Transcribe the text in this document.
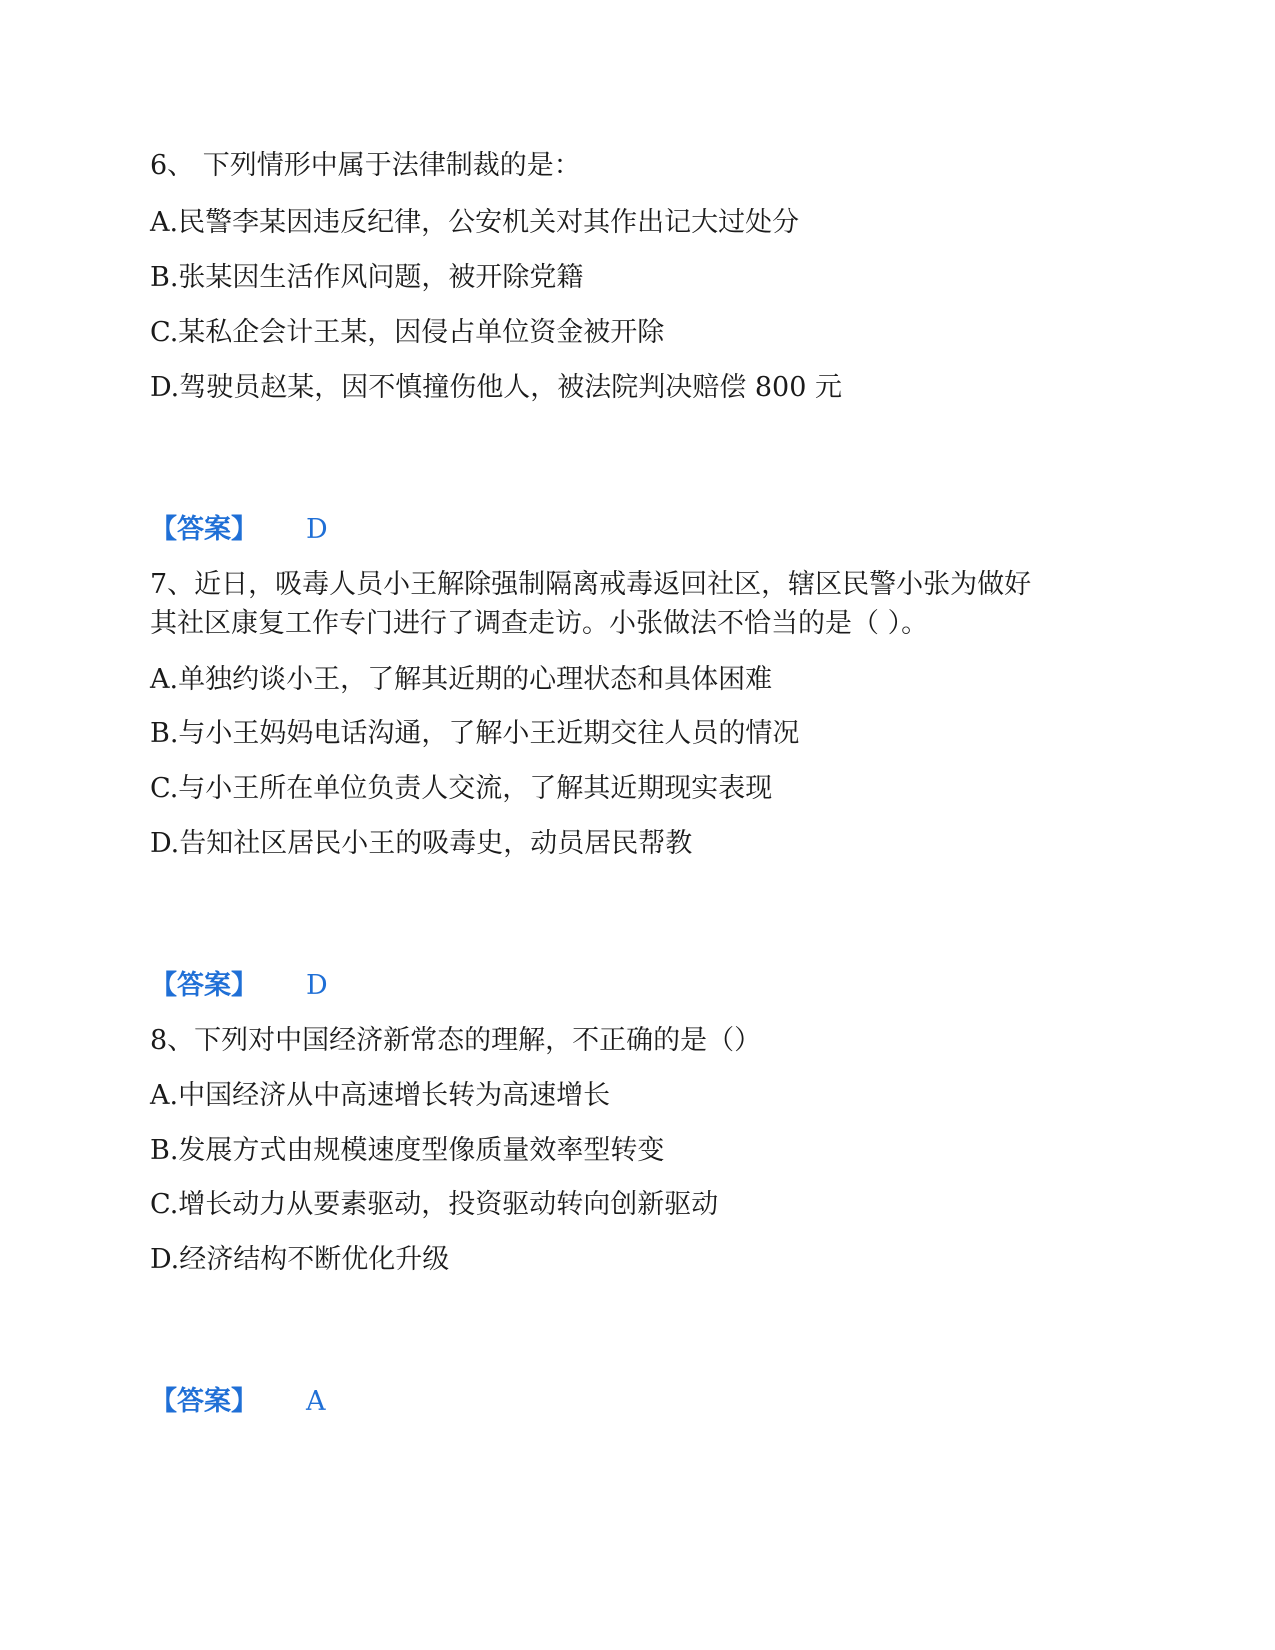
6、 下列情形中属于法律制裁的是：
A.民警李某因违反纪律，公安机关对其作出记大过处分
B.张某因生活作风问题，被开除党籍
C.某私企会计王某，因侵占单位资金被开除
D.驾驶员赵某，因不慎撞伤他人，被法院判决赔偿 800 元
【答案】 D
7、近日，吸毒人员小王解除强制隔离戒毒返回社区，辖区民警小张为做好
其社区康复工作专门进行了调查走访。小张做法不恰当的是（ ）。
A.单独约谈小王，了解其近期的心理状态和具体困难
B.与小王妈妈电话沟通，了解小王近期交往人员的情况
C.与小王所在单位负责人交流，了解其近期现实表现
D.告知社区居民小王的吸毒史，动员居民帮教
【答案】 D
8、下列对中国经济新常态的理解，不正确的是（）
A.中国经济从中高速增长转为高速增长
B.发展方式由规模速度型像质量效率型转变
C.增长动力从要素驱动，投资驱动转向创新驱动
D.经济结构不断优化升级
【答案】 A
